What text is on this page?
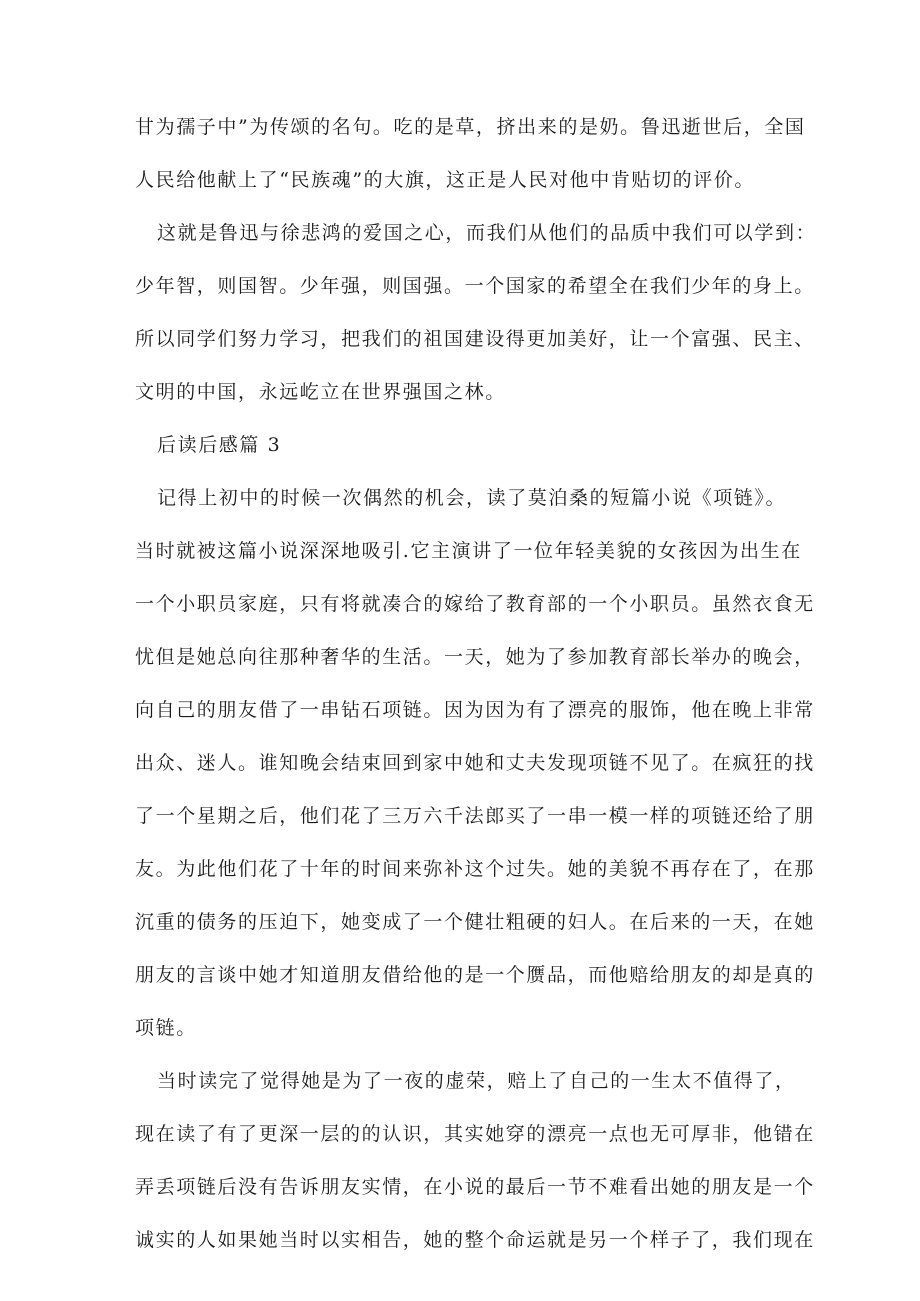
甘为孺子中”为传颂的名句。吃的是草，挤出来的是奶。鲁迅逝世后，全国
人民给他献上了“民族魂”的大旗，这正是人民对他中肯贴切的评价。
这就是鲁迅与徐悲鸿的爱国之心，而我们从他们的品质中我们可以学到：
少年智，则国智。少年强，则国强。一个国家的希望全在我们少年的身上。
所以同学们努力学习，把我们的祖国建设得更加美好，让一个富强、民主、
文明的中国，永远屹立在世界强国之林。
后读后感篇 3
记得上初中的时候一次偶然的机会，读了莫泊桑的短篇小说《项链》。
当时就被这篇小说深深地吸引.它主演讲了一位年轻美貌的女孩因为出生在
一个小职员家庭，只有将就凑合的嫁给了教育部的一个小职员。虽然衣食无
忧但是她总向往那种奢华的生活。一天，她为了参加教育部长举办的晚会，
向自己的朋友借了一串钻石项链。因为因为有了漂亮的服饰，他在晚上非常
出众、迷人。谁知晚会结束回到家中她和丈夫发现项链不见了。在疯狂的找
了一个星期之后，他们花了三万六千法郎买了一串一模一样的项链还给了朋
友。为此他们花了十年的时间来弥补这个过失。她的美貌不再存在了，在那
沉重的债务的压迫下，她变成了一个健壮粗硬的妇人。在后来的一天，在她
朋友的言谈中她才知道朋友借给他的是一个赝品，而他赔给朋友的却是真的
项链。
当时读完了觉得她是为了一夜的虚荣，赔上了自己的一生太不值得了，
现在读了有了更深一层的的认识，其实她穿的漂亮一点也无可厚非，他错在
弄丢项链后没有告诉朋友实情，在小说的最后一节不难看出她的朋友是一个
诚实的人如果她当时以实相告，她的整个命运就是另一个样子了，我们现在
